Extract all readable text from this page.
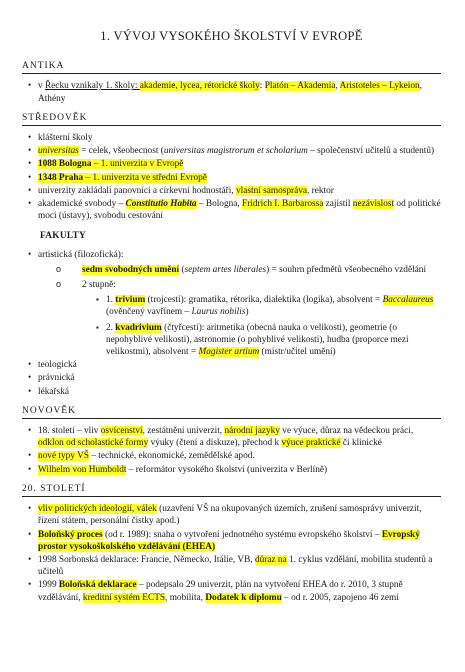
1. VÝVOJ VYSOKÉHO ŠKOLSTVÍ V EVROPĚ
ANTIKA
• v Řecku vznikaly 1. školy: akademie, lycea, rétorické školy: Platón – Akademia, Aristoteles – Lykeion, Athény
STŘEDOVĚK
• klášterní školy
• universitas = celek, všeobecnost (universitas magistrorum et scholarium – společenství učitelů a studentů)
• 1088 Bologna – 1. univerzita v Evropě
• 1348 Praha – 1. univerzita ve střední Evropě
• univerzity zakládali panovníci a církevní hodnostáři, vlastní samospráva, rektor
• akademické svobody – Constitutio Habita – Bologna, Fridrich I. Barbarossa zajistil nezávislost od politické moci (ústavy), svobodu cestování
FAKULTY
• artistická (filozofická):
o sedm svobodných umění (septem artes liberales) = souhrn předmětů všeobecného vzdělání
o 2 stupně:
▪ 1. trivium (trojcestí): gramatika, rétorika, dialektika (logika), absolvent = Baccalaureus (ověnčený vavřínem – Laurus nobilis)
▪ 2. kvadrivium (čtyřcestí): aritmetika (obecná nauka o velikosti), geometrie (o nepohyblivé velikosti), astronomie (o pohyblivé velikosti), hudba (proporce mezi velikostmi), absolvent = Magister artium (mistr/učitel umění)
• teologická
• právnická
• lékařská
NOVOVĚK
• 18. století – vliv osvícenství, zestátnění univerzit, národní jazyky ve výuce, důraz na vědeckou práci, odklon od scholastické formy výuky (čtení a diskuze), přechod k výuce praktické či klinické
• nové typy VŠ – technické, ekonomické, zemědělské apod.
• Wilhelm von Humboldt – reformátor vysokého školství (univerzita v Berlíně)
20. STOLETÍ
• vliv politických ideologií, válek (uzavření VŠ na okupovaných územích, zrušení samosprávy univerzit, řízení státem, personální čistky apod.)
• Boloňský proces (od r. 1989): snaha o vytvoření jednotného systému evropského školství – Evropský prostor vysokoškolského vzdělávání (EHEA)
• 1998 Sorbonská deklarace: Francie, Německo, Itálie, VB, důraz na 1. cyklus vzdělání, mobilita studentů a učitelů
• 1999 Boloňská deklarace – podepsalo 29 univerzit, plán na vytvoření EHEA do r. 2010, 3 stupně vzdělávání, kreditní systém ECTS, mobilita, Dodatek k diplomu – od r. 2005, zapojeno 46 zemí
